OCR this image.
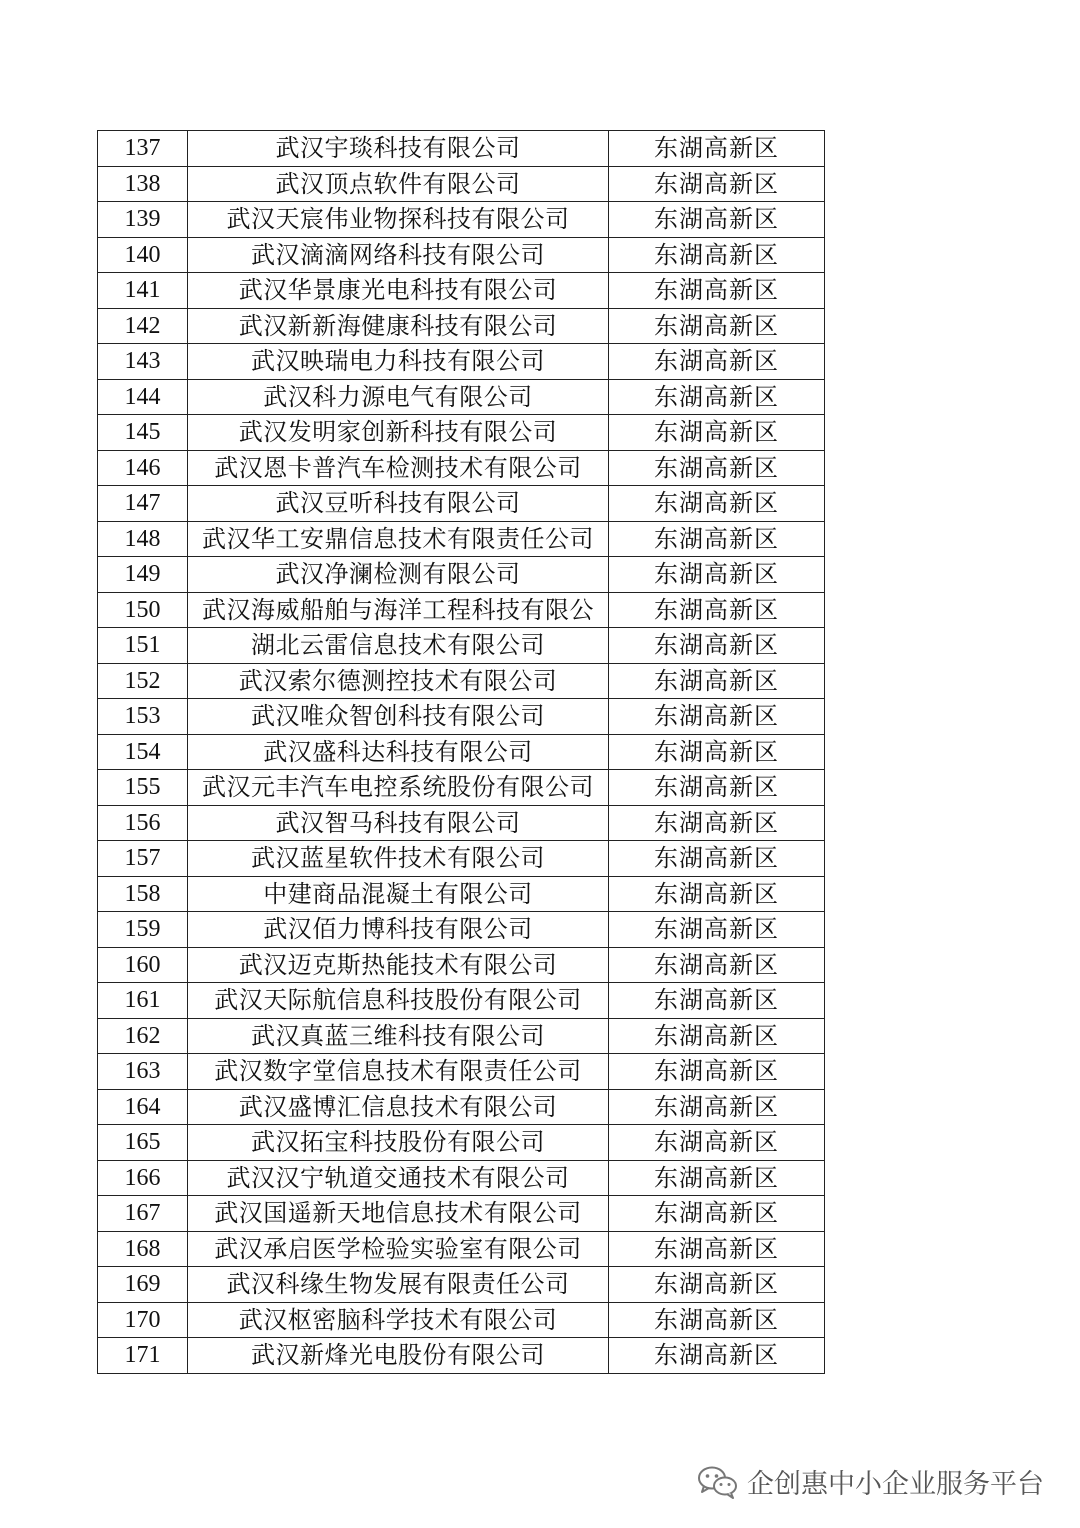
137	武汉宇琰科技有限公司	东湖高新区
138	武汉顶点软件有限公司	东湖高新区
139	武汉天宸伟业物探科技有限公司	东湖高新区
140	武汉滴滴网络科技有限公司	东湖高新区
141	武汉华景康光电科技有限公司	东湖高新区
142	武汉新新海健康科技有限公司	东湖高新区
143	武汉映瑞电力科技有限公司	东湖高新区
144	武汉科力源电气有限公司	东湖高新区
145	武汉发明家创新科技有限公司	东湖高新区
146	武汉恩卡普汽车检测技术有限公司	东湖高新区
147	武汉豆听科技有限公司	东湖高新区
148	武汉华工安鼎信息技术有限责任公司	东湖高新区
149	武汉净澜检测有限公司	东湖高新区
150	武汉海威船舶与海洋工程科技有限公	东湖高新区
151	湖北云雷信息技术有限公司	东湖高新区
152	武汉索尔德测控技术有限公司	东湖高新区
153	武汉唯众智创科技有限公司	东湖高新区
154	武汉盛科达科技有限公司	东湖高新区
155	武汉元丰汽车电控系统股份有限公司	东湖高新区
156	武汉智马科技有限公司	东湖高新区
157	武汉蓝星软件技术有限公司	东湖高新区
158	中建商品混凝土有限公司	东湖高新区
159	武汉佰力博科技有限公司	东湖高新区
160	武汉迈克斯热能技术有限公司	东湖高新区
161	武汉天际航信息科技股份有限公司	东湖高新区
162	武汉真蓝三维科技有限公司	东湖高新区
163	武汉数字堂信息技术有限责任公司	东湖高新区
164	武汉盛博汇信息技术有限公司	东湖高新区
165	武汉拓宝科技股份有限公司	东湖高新区
166	武汉汉宁轨道交通技术有限公司	东湖高新区
167	武汉国遥新天地信息技术有限公司	东湖高新区
168	武汉承启医学检验实验室有限公司	东湖高新区
169	武汉科缘生物发展有限责任公司	东湖高新区
170	武汉枢密脑科学技术有限公司	东湖高新区
171	武汉新烽光电股份有限公司	东湖高新区
企创惠中小企业服务平台
